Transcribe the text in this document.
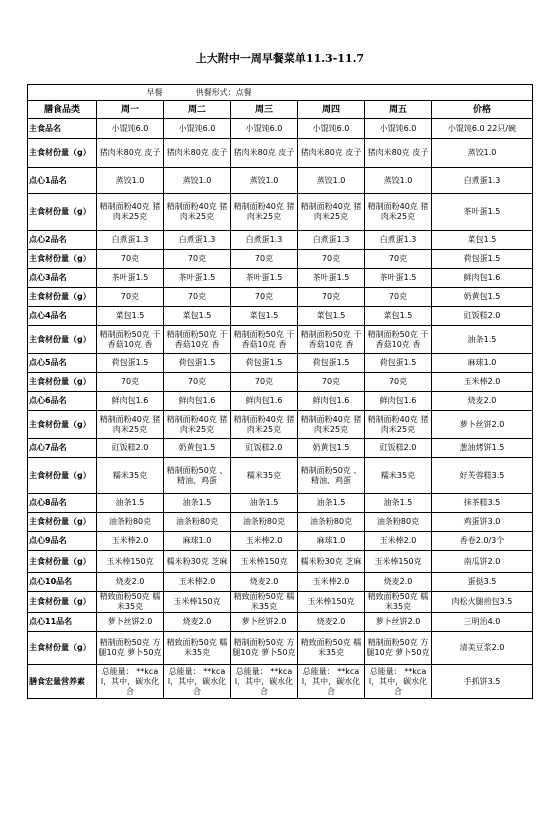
上大附中一周早餐菜单11.3-11.7
	早餐 供餐形式：点餐					
膳食品类	周一	周二	周三	周四	周五	价格
主食品名	小馄饨6.0	小馄饨6.0	小馄饨6.0	小馄饨6.0	小馄饨6.0	小馄饨6.0 22只/碗
主食材份量（g）	猪肉米80克 皮子	猪肉米80克 皮子	猪肉米80克 皮子	猪肉米80克 皮子	猪肉米80克 皮子	蒸饺1.0
点心1品名	蒸饺1.0	蒸饺1.0	蒸饺1.0	蒸饺1.0	蒸饺1.0	白煮蛋1.3
主食材份量（g）	精制面粉40克 猪肉米25克	精制面粉40克 猪肉米25克	精制面粉40克 猪肉米25克	精制面粉40克 猪肉米25克	精制面粉40克 猪肉米25克	茶叶蛋1.5
点心2品名	白煮蛋1.3	白煮蛋1.3	白煮蛋1.3	白煮蛋1.3	白煮蛋1.3	菜包1.5
主食材份量（g）	70克	70克	70克	70克	70克	荷包蛋1.5
点心3品名	茶叶蛋1.5	茶叶蛋1.5	茶叶蛋1.5	茶叶蛋1.5	茶叶蛋1.5	鲜肉包1.6
主食材份量（g）	70克	70克	70克	70克	70克	奶黄包1.5
点心4品名	菜包1.5	菜包1.5	菜包1.5	菜包1.5	菜包1.5	豇饭糕2.0
主食材份量（g）	精制面粉50克 干 香菇10克 香	精制面粉50克 干 香菇10克 香	精制面粉50克 干 香菇10克 香	精制面粉50克 干 香菇10克 香	精制面粉50克 干 香菇10克 香	油条1.5
点心5品名	荷包蛋1.5	荷包蛋1.5	荷包蛋1.5	荷包蛋1.5	荷包蛋1.5	麻球1.0
主食材份量（g）	70克	70克	70克	70克	70克	玉米棒2.0
点心6品名	鲜肉包1.6	鲜肉包1.6	鲜肉包1.6	鲜肉包1.6	鲜肉包1.6	烧麦2.0
主食材份量（g）	精制面粉40克 猪肉米25克	精制面粉40克 猪肉米25克	精制面粉40克 猪肉米25克	精制面粉40克 猪肉米25克	精制面粉40克 猪肉米25克	萝卜丝饼2.0
点心7品名	豇饭糕2.0	奶黄包1.5	豇饭糕2.0	奶黄包1.5	豇饭糕2.0	葱油烤饼1.5
主食材份量（g）	糯米35克	精制面粉50克 、精油、鸡蛋	糯米35克	精制面粉50克 、精油、鸡蛋	糯米35克	好芙蓉糕3.5
点心8品名	油条1.5	油条1.5	油条1.5	油条1.5	油条1.5	抹茶糕3.5
主食材份量（g）	油条粉80克	油条粉80克	油条粉80克	油条粉80克	油条粉80克	鸡蛋饼3.0
点心9品名	玉米棒2.0	麻球1.0	玉米棒2.0	麻球1.0	玉米棒2.0	香卷2.0/3个
主食材份量（g）	玉米棒150克	糯米粉30克 芝麻	玉米棒150克	糯米粉30克 芝麻	玉米棒150克	南瓜饼2.0
点心10品名	烧麦2.0	玉米棒2.0	烧麦2.0	玉米棒2.0	烧麦2.0	蛋挞3.5
主食材份量（g）	精致面粉50克 糯米35克	玉米棒150克	精致面粉50克 糯米35克	玉米棒150克	精致面粉50克 糯米35克	肉松火腿煎包3.5
点心11品名	萝卜丝饼2.0	烧麦2.0	萝卜丝饼2.0	烧麦2.0	萝卜丝饼2.0	三明治4.0
主食材份量（g）	精制面粉50克 方腿10克 萝卜50克	精致面粉50克 糯米35克	精制面粉50克 方腿10克 萝卜50克	精致面粉50克 糯米35克	精制面粉50克 方腿10克 萝卜50克	清美豆浆2.0
膳食宏量营养素	总能量： **kcal，其中，碳水化合	总能量： **kcal，其中，碳水化合	总能量： **kcal，其中，碳水化合	总能量： **kcal，其中，碳水化合	总能量： **kcal，其中，碳水化合	手抓饼3.5
